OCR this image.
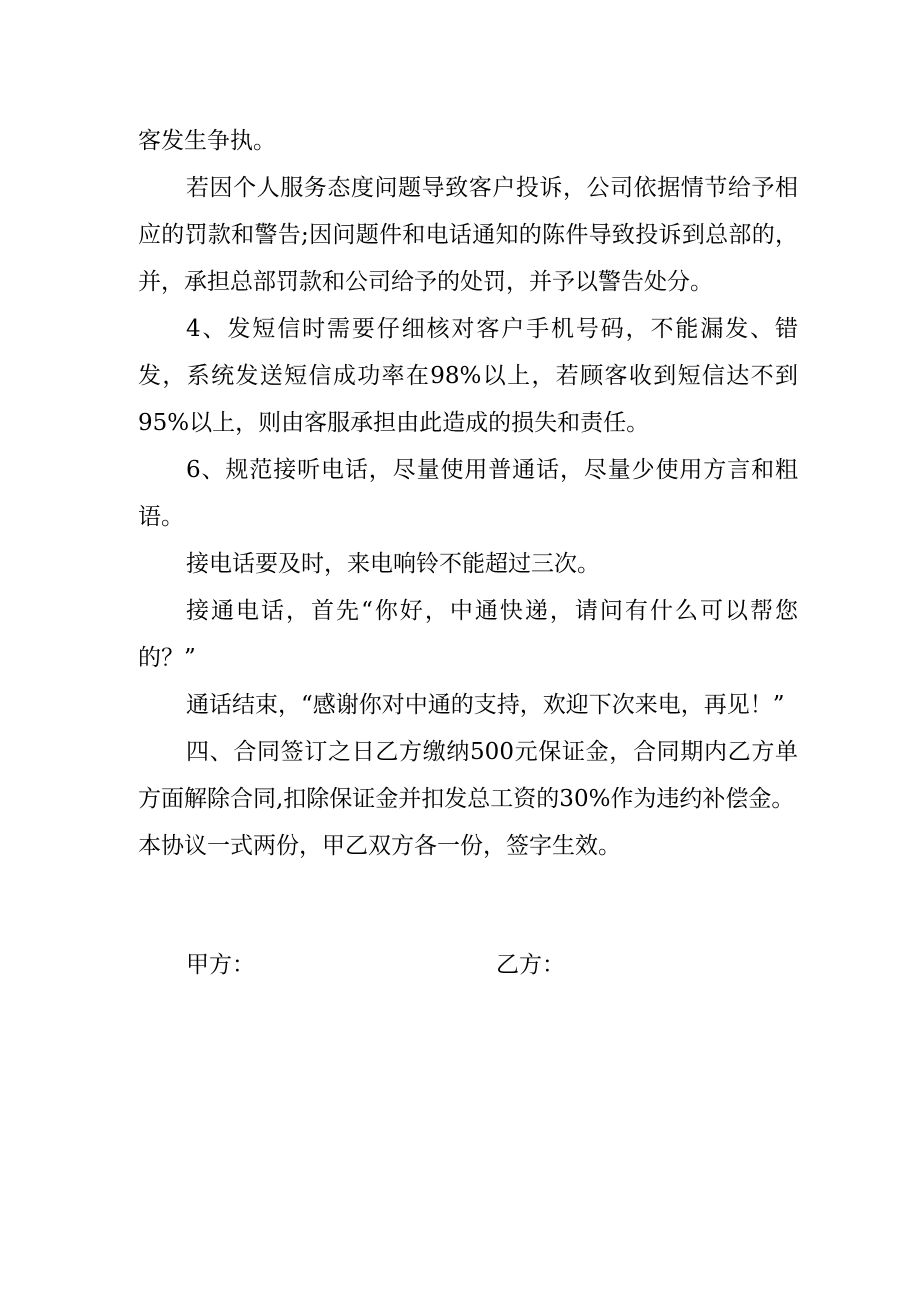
客发生争执。

若因个人服务态度问题导致客户投诉，公司依据情节给予相应的罚款和警告;因问题件和电话通知的陈件导致投诉到总部的，并，承担总部罚款和公司给予的处罚，并予以警告处分。

4、发短信时需要仔细核对客户手机号码，不能漏发、错发，系统发送短信成功率在98%以上，若顾客收到短信达不到95%以上，则由客服承担由此造成的损失和责任。

6、规范接听电话，尽量使用普通话，尽量少使用方言和粗语。

接电话要及时，来电响铃不能超过三次。

接通电话，首先“你好，中通快递，请问有什么可以帮您的？”

通话结束，“感谢你对中通的支持，欢迎下次来电，再见！”

四、合同签订之日乙方缴纳500元保证金，合同期内乙方单方面解除合同,扣除保证金并扣发总工资的30%作为违约补偿金。

本协议一式两份，甲乙双方各一份，签字生效。

甲方：	乙方：
